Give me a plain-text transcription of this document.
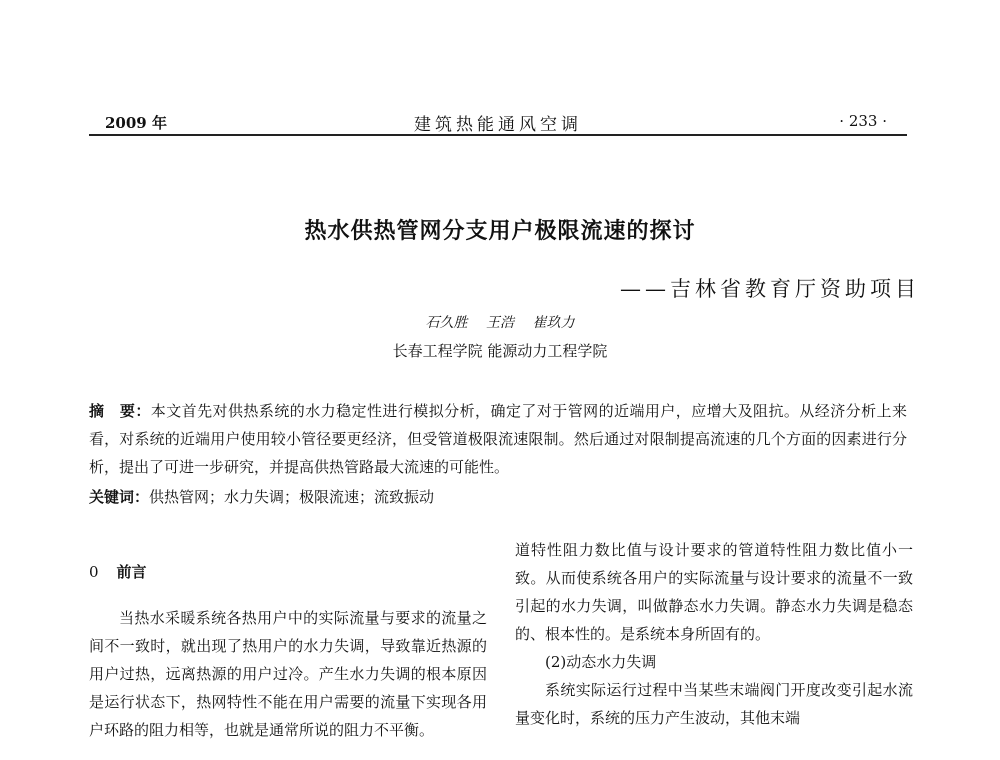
2009 年	建筑热能通风空调	· 233 ·
热水供热管网分支用户极限流速的探讨
——吉林省教育厅资助项目
石久胜 王浩 崔玖力
长春工程学院 能源动力工程学院
摘　要：本文首先对供热系统的水力稳定性进行模拟分析，确定了对于管网的近端用户，应增大及阻抗。从经济分析上来看，对系统的近端用户使用较小管径要更经济，但受管道极限流速限制。然后通过对限制提高流速的几个方面的因素进行分析，提出了可进一步研究，并提高供热管路最大流速的可能性。
关键词：供热管网；水力失调；极限流速；流致振动
0 前言

当热水采暖系统各热用户中的实际流量与要求的流量之间不一致时，就出现了热用户的水力失调，导致靠近热源的用户过热，远离热源的用户过冷。产生水力失调的根本原因是运行状态下，热网特性不能在用户需要的流量下实现各用户环路的阻力相等，也就是通常所说的阻力不平衡。

道特性阻力数比值与设计要求的管道特性阻力数比值小一致。从而使系统各用户的实际流量与设计要求的流量不一致引起的水力失调，叫做静态水力失调。静态水力失调是稳态的、根本性的。是系统本身所固有的。

(2)动态水力失调

系统实际运行过程中当某些末端阀门开度改变引起水流量变化时，系统的压力产生波动，其他末端
